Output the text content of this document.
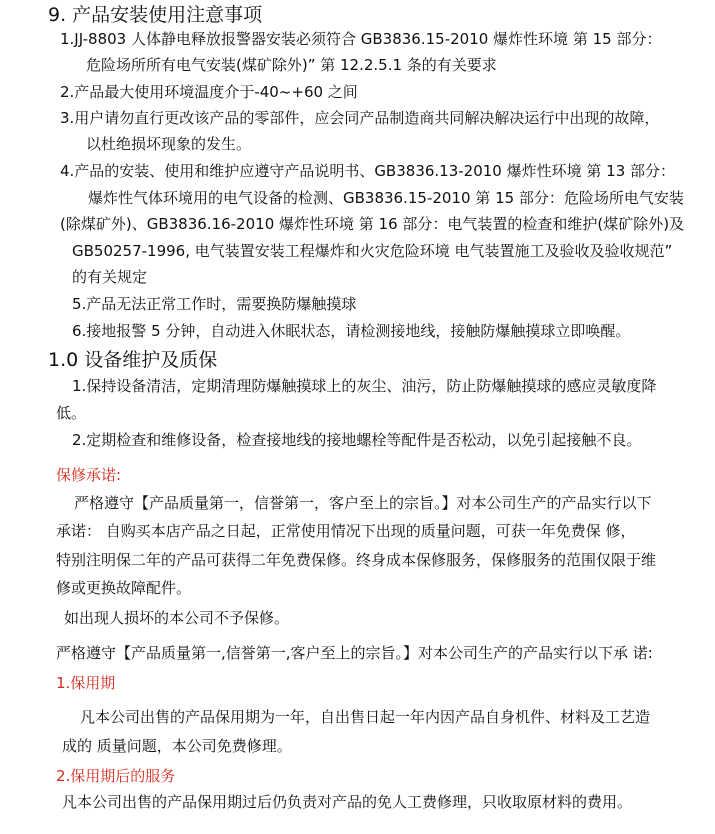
9. 产品安装使用注意事项
1.JJ-8803 人体静电释放报警器安装必须符合 GB3836.15-2010 爆炸性环境 第 15 部分：
危险场所所有电气安装(煤矿除外)” 第 12.2.5.1 条的有关要求
2.产品最大使用环境温度介于-40~+60 之间
3.用户请勿直行更改该产品的零部件，应会同产品制造商共同解决解决运行中出现的故障，
以杜绝损坏现象的发生。
4.产品的安装、使用和维护应遵守产品说明书、GB3836.13-2010 爆炸性环境 第 13 部分：
爆炸性气体环境用的电气设备的检测、GB3836.15-2010 第 15 部分：危险场所电气安装
(除煤矿外)、GB3836.16-2010 爆炸性环境 第 16 部分：电气装置的检查和维护(煤矿除外)及
GB50257-1996, 电气装置安装工程爆炸和火灾危险环境 电气装置施工及验收及验收规范”
的有关规定
5.产品无法正常工作时，需要换防爆触摸球
6.接地报警 5 分钟，自动进入休眠状态，请检测接地线，接触防爆触摸球立即唤醒。
1.0 设备维护及质保
1.保持设备清洁，定期清理防爆触摸球上的灰尘、油污，防止防爆触摸球的感应灵敏度降
低。
2.定期检查和维修设备，检查接地线的接地螺栓等配件是否松动，以免引起接触不良。
保修承诺:
严格遵守【产品质量第一，信誉第一，客户至上的宗旨。】对本公司生产的产品实行以下
承诺： 自购买本店产品之日起，正常使用情况下出现的质量问题，可获一年免费保 修，
特别注明保二年的产品可获得二年免费保修。终身成本保修服务，保修服务的范围仅限于维
修或更换故障配件。
如出现人损坏的本公司不予保修。
严格遵守【产品质量第一,信誉第一,客户至上的宗旨。】对本公司生产的产品实行以下承 诺:
1.保用期
凡本公司出售的产品保用期为一年，自出售日起一年内因产品自身机件、材料及工艺造
成的 质量问题，本公司免费修理。
2.保用期后的服务
凡本公司出售的产品保用期过后仍负责对产品的免人工费修理，只收取原材料的费用。
